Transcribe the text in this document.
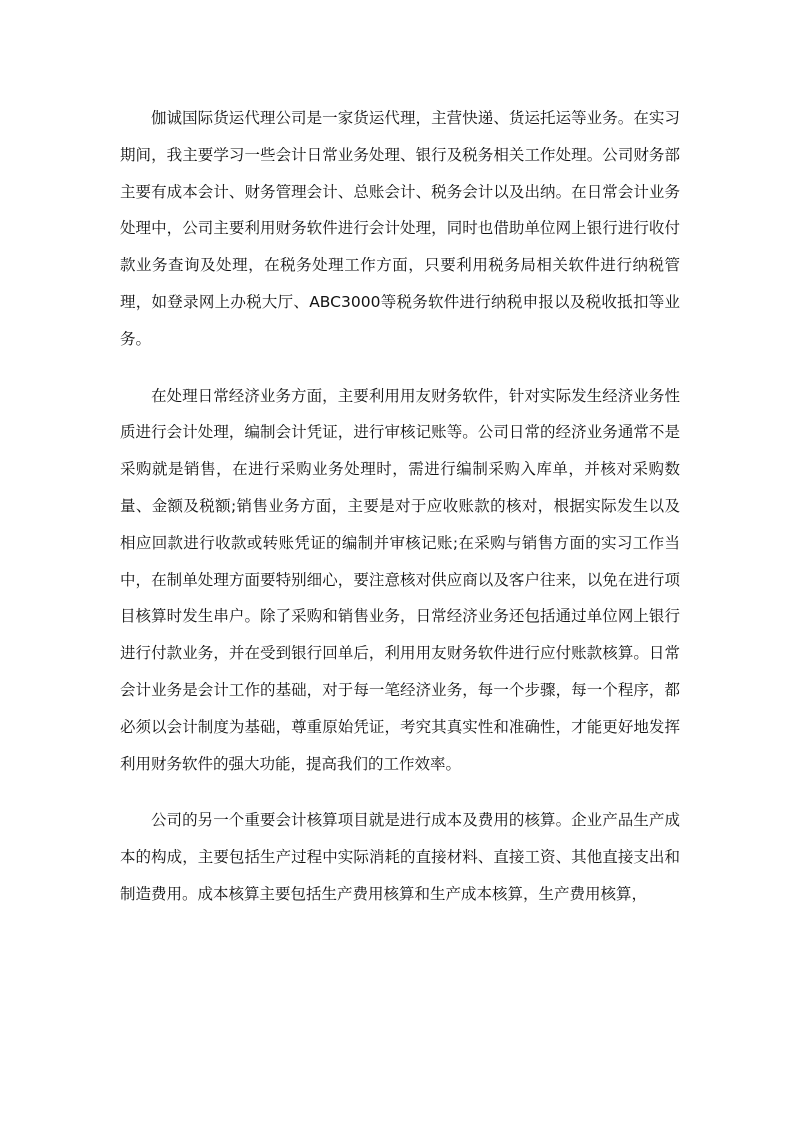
伽诚国际货运代理公司是一家货运代理，主营快递、货运托运等业务。在实习期间，我主要学习一些会计日常业务处理、银行及税务相关工作处理。公司财务部主要有成本会计、财务管理会计、总账会计、税务会计以及出纳。在日常会计业务处理中，公司主要利用财务软件进行会计处理，同时也借助单位网上银行进行收付款业务查询及处理，在税务处理工作方面，只要利用税务局相关软件进行纳税管理，如登录网上办税大厅、ABC3000等税务软件进行纳税申报以及税收抵扣等业务。

在处理日常经济业务方面，主要利用用友财务软件，针对实际发生经济业务性质进行会计处理，编制会计凭证，进行审核记账等。公司日常的经济业务通常不是采购就是销售，在进行采购业务处理时，需进行编制采购入库单，并核对采购数量、金额及税额;销售业务方面，主要是对于应收账款的核对，根据实际发生以及相应回款进行收款或转账凭证的编制并审核记账;在采购与销售方面的实习工作当中，在制单处理方面要特别细心，要注意核对供应商以及客户往来，以免在进行项目核算时发生串户。除了采购和销售业务，日常经济业务还包括通过单位网上银行进行付款业务，并在受到银行回单后，利用用友财务软件进行应付账款核算。日常会计业务是会计工作的基础，对于每一笔经济业务，每一个步骤，每一个程序，都必须以会计制度为基础，尊重原始凭证，考究其真实性和准确性，才能更好地发挥利用财务软件的强大功能，提高我们的工作效率。

公司的另一个重要会计核算项目就是进行成本及费用的核算。企业产品生产成本的构成，主要包括生产过程中实际消耗的直接材料、直接工资、其他直接支出和制造费用。成本核算主要包括生产费用核算和生产成本核算，生产费用核算，
